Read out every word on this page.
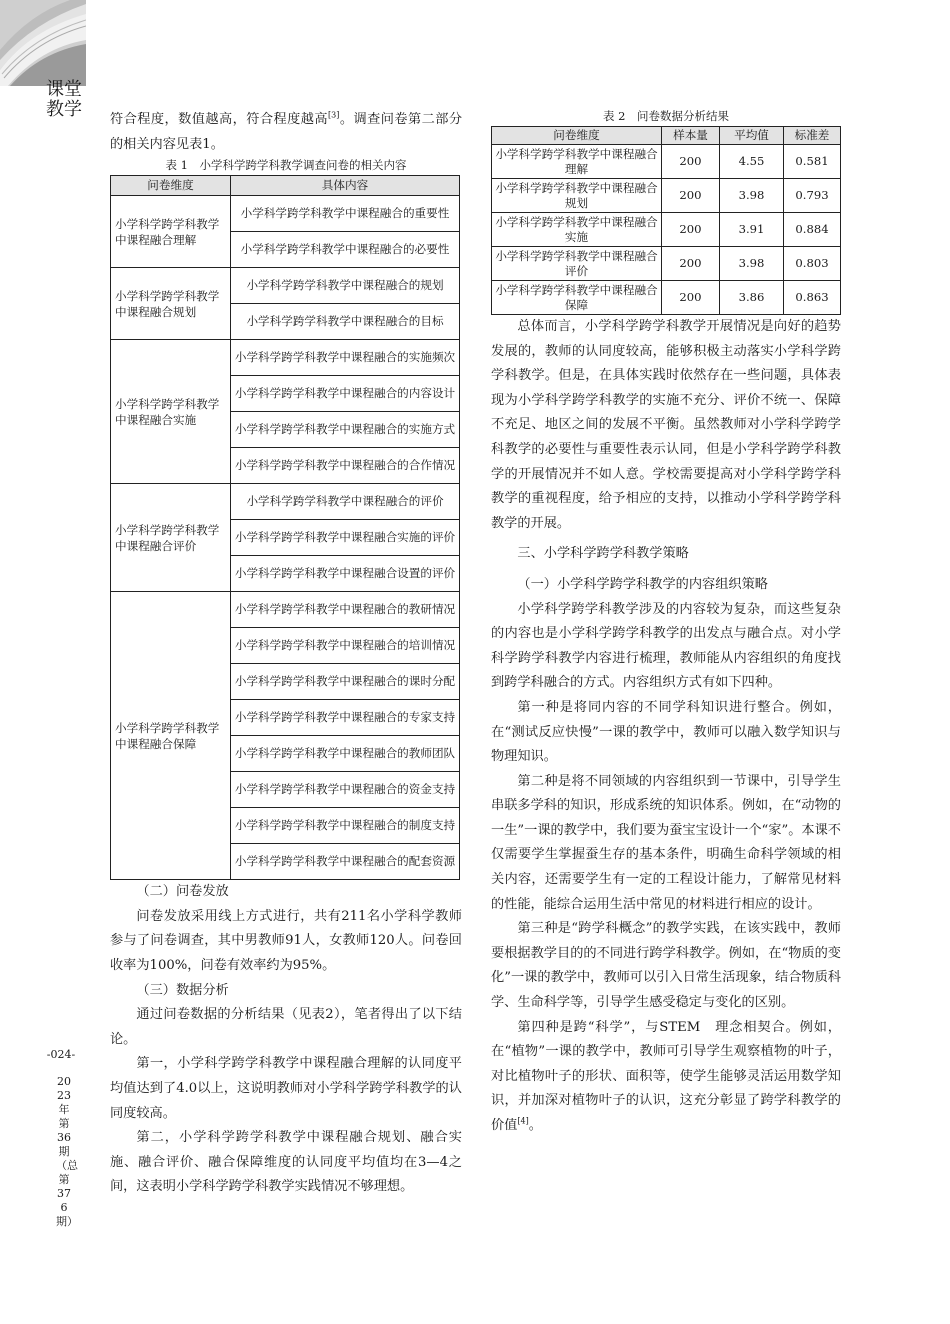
课堂
教学
-024-
2023年第36期（总第376期）

符合程度，数值越高，符合程度越高[3]。调查问卷第二部分的相关内容见表1。

表 1　小学科学跨学科教学调查问卷的相关内容
问卷维度	具体内容
小学科学跨学科教学中课程融合理解	小学科学跨学科教学中课程融合的重要性
	小学科学跨学科教学中课程融合的必要性
小学科学跨学科教学中课程融合规划	小学科学跨学科教学中课程融合的规划
	小学科学跨学科教学中课程融合的目标
小学科学跨学科教学中课程融合实施	小学科学跨学科教学中课程融合的实施频次
	小学科学跨学科教学中课程融合的内容设计
	小学科学跨学科教学中课程融合的实施方式
	小学科学跨学科教学中课程融合的合作情况
小学科学跨学科教学中课程融合评价	小学科学跨学科教学中课程融合的评价
	小学科学跨学科教学中课程融合实施的评价
	小学科学跨学科教学中课程融合设置的评价
小学科学跨学科教学中课程融合保障	小学科学跨学科教学中课程融合的教研情况
	小学科学跨学科教学中课程融合的培训情况
	小学科学跨学科教学中课程融合的课时分配
	小学科学跨学科教学中课程融合的专家支持
	小学科学跨学科教学中课程融合的教师团队
	小学科学跨学科教学中课程融合的资金支持
	小学科学跨学科教学中课程融合的制度支持
	小学科学跨学科教学中课程融合的配套资源

（二）问卷发放

问卷发放采用线上方式进行，共有211名小学科学教师参与了问卷调查，其中男教师91人，女教师120人。问卷回收率为100%，问卷有效率约为95%。

（三）数据分析

通过问卷数据的分析结果（见表2），笔者得出了以下结论。

第一，小学科学跨学科教学中课程融合理解的认同度平均值达到了4.0以上，这说明教师对小学科学跨学科教学的认同度较高。

第二，小学科学跨学科教学中课程融合规划、融合实施、融合评价、融合保障维度的认同度平均值均在3—4之间，这表明小学科学跨学科教学实践情况不够理想。

表 2　问卷数据分析结果
问卷维度	样本量	平均值	标准差
小学科学跨学科教学中课程融合理解	200	4.55	0.581
小学科学跨学科教学中课程融合规划	200	3.98	0.793
小学科学跨学科教学中课程融合实施	200	3.91	0.884
小学科学跨学科教学中课程融合评价	200	3.98	0.803
小学科学跨学科教学中课程融合保障	200	3.86	0.863

总体而言，小学科学跨学科教学开展情况是向好的趋势发展的，教师的认同度较高，能够积极主动落实小学科学跨学科教学。但是，在具体实践时依然存在一些问题，具体表现为小学科学跨学科教学的实施不充分、评价不统一、保障不充足、地区之间的发展不平衡。虽然教师对小学科学跨学科教学的必要性与重要性表示认同，但是小学科学跨学科教学的开展情况并不如人意。学校需要提高对小学科学跨学科教学的重视程度，给予相应的支持，以推动小学科学跨学科教学的开展。

三、小学科学跨学科教学策略

（一）小学科学跨学科教学的内容组织策略

小学科学跨学科教学涉及的内容较为复杂，而这些复杂的内容也是小学科学跨学科教学的出发点与融合点。对小学科学跨学科教学内容进行梳理，教师能从内容组织的角度找到跨学科融合的方式。内容组织方式有如下四种。

第一种是将同内容的不同学科知识进行整合。例如，在“测试反应快慢”一课的教学中，教师可以融入数学知识与物理知识。

第二种是将不同领域的内容组织到一节课中，引导学生串联多学科的知识，形成系统的知识体系。例如，在“动物的一生”一课的教学中，我们要为蚕宝宝设计一个“家”。本课不仅需要学生掌握蚕生存的基本条件，明确生命科学领域的相关内容，还需要学生有一定的工程设计能力，了解常见材料的性能，能综合运用生活中常见的材料进行相应的设计。

第三种是“跨学科概念”的教学实践，在该实践中，教师要根据教学目的的不同进行跨学科教学。例如，在“物质的变化”一课的教学中，教师可以引入日常生活现象，结合物质科学、生命科学等，引导学生感受稳定与变化的区别。

第四种是跨“科学”，与STEM　理念相契合。例如，在“植物”一课的教学中，教师可引导学生观察植物的叶子，对比植物叶子的形状、面积等，使学生能够灵活运用数学知识，并加深对植物叶子的认识，这充分彰显了跨学科教学的价值[4]。
